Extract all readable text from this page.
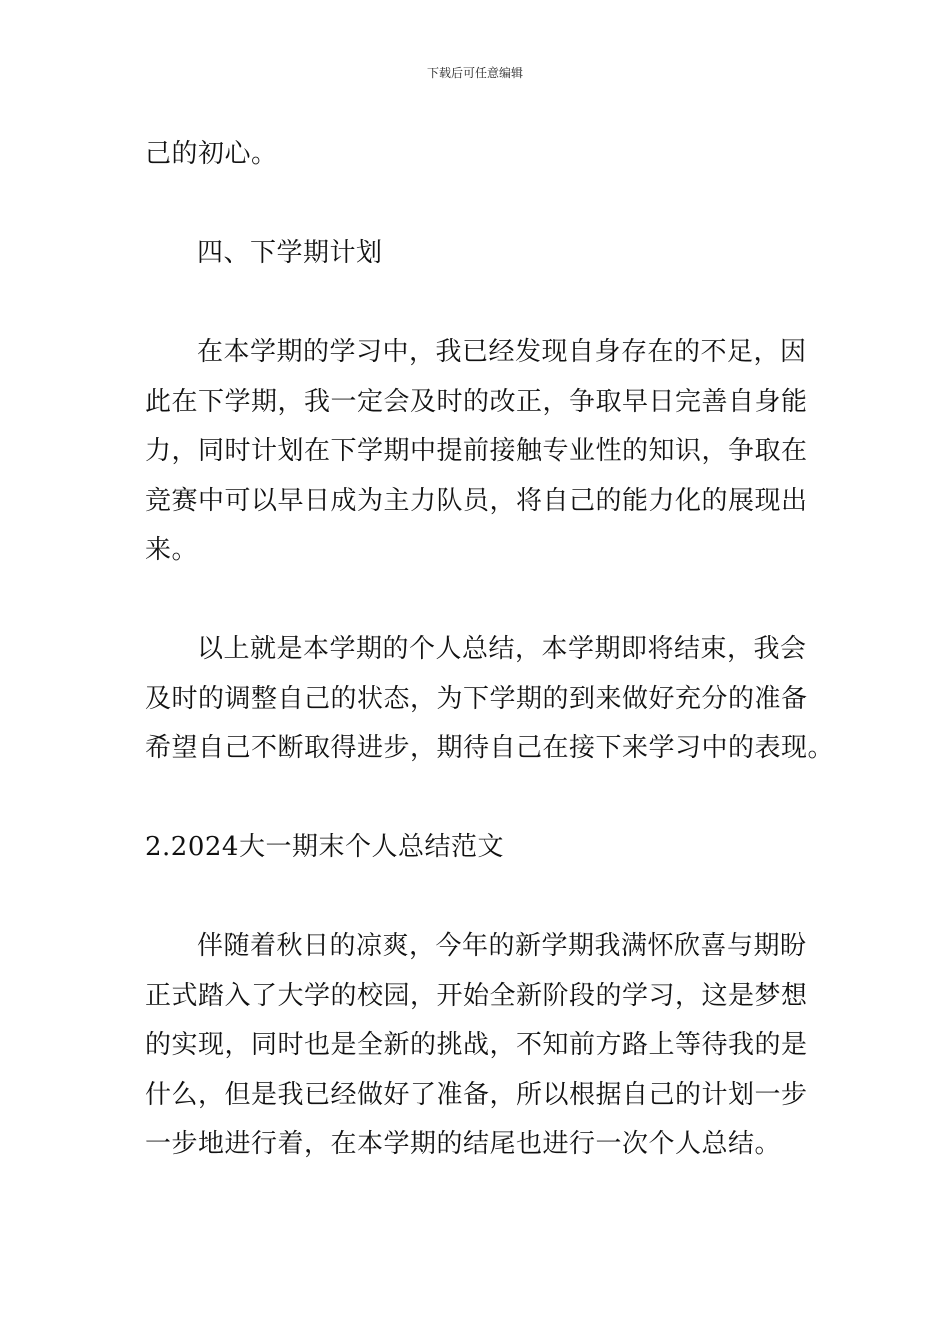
下载后可任意编辑

己的初心。

四、下学期计划

在本学期的学习中，我已经发现自身存在的不足，因

此在下学期，我一定会及时的改正，争取早日完善自身能

力，同时计划在下学期中提前接触专业性的知识，争取在

竞赛中可以早日成为主力队员，将自己的能力化的展现出

来。

以上就是本学期的个人总结，本学期即将结束，我会

及时的调整自己的状态，为下学期的到来做好充分的准备

希望自己不断取得进步，期待自己在接下来学习中的表现。

2.2024大一期末个人总结范文

伴随着秋日的凉爽，今年的新学期我满怀欣喜与期盼

正式踏入了大学的校园，开始全新阶段的学习，这是梦想

的实现，同时也是全新的挑战，不知前方路上等待我的是

什么，但是我已经做好了准备，所以根据自己的计划一步

一步地进行着，在本学期的结尾也进行一次个人总结。
